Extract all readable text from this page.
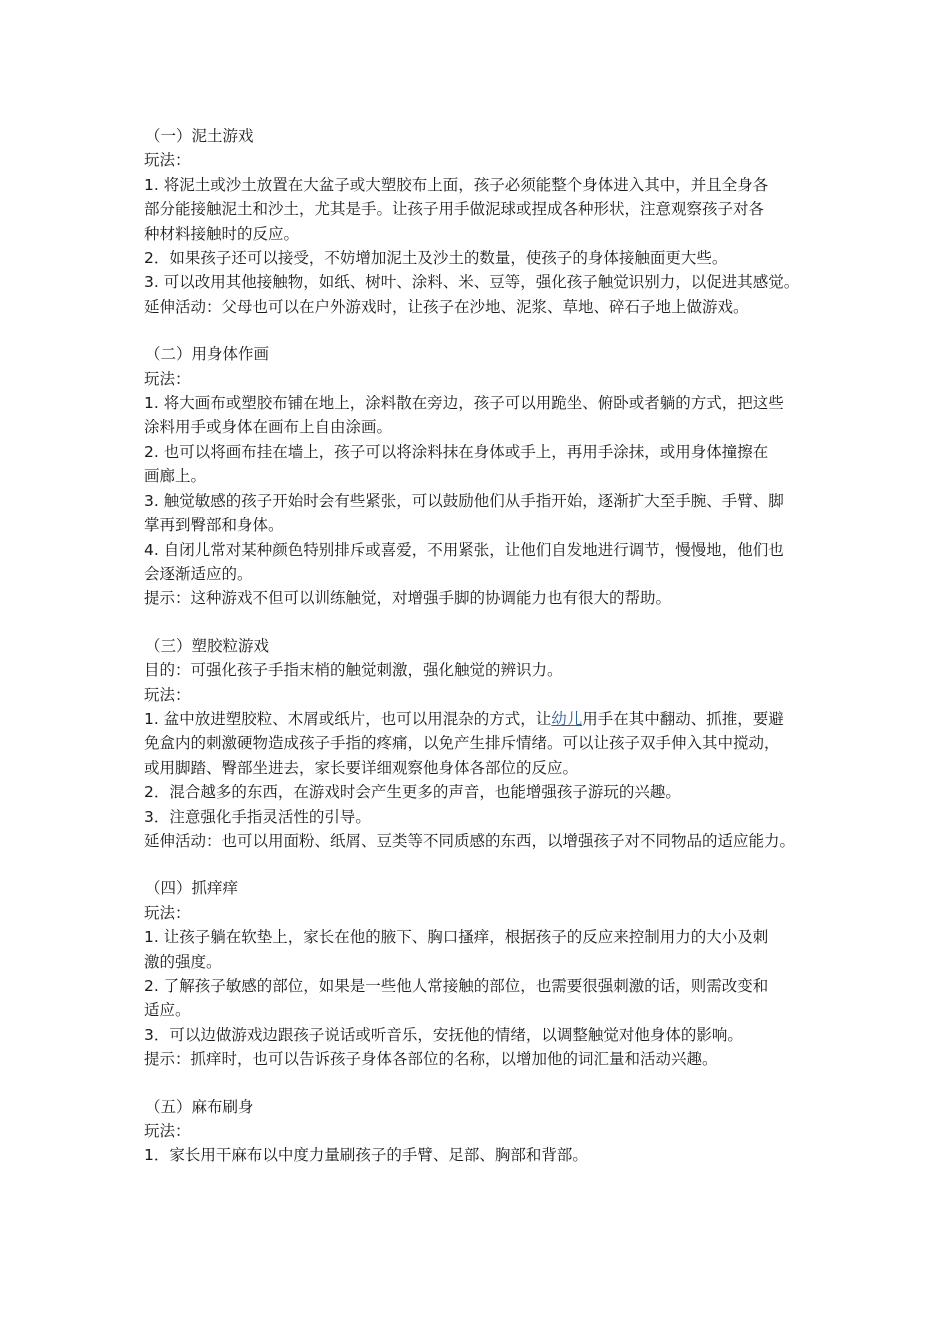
（一）泥土游戏
玩法：
1. 将泥土或沙土放置在大盆子或大塑胶布上面，孩子必须能整个身体进入其中，并且全身各
部分能接触泥土和沙土，尤其是手。让孩子用手做泥球或捏成各种形状，注意观察孩子对各
种材料接触时的反应。
2．如果孩子还可以接受，不妨增加泥土及沙土的数量，使孩子的身体接触面更大些。
3. 可以改用其他接触物，如纸、树叶、涂料、米、豆等，强化孩子触觉识别力，以促进其感觉。
延伸活动：父母也可以在户外游戏时，让孩子在沙地、泥浆、草地、碎石子地上做游戏。
（二）用身体作画
玩法：
1. 将大画布或塑胶布铺在地上，涂料散在旁边，孩子可以用跪坐、俯卧或者躺的方式，把这些
涂料用手或身体在画布上自由涂画。
2. 也可以将画布挂在墙上，孩子可以将涂料抹在身体或手上，再用手涂抹，或用身体撞擦在
画廊上。
3. 触觉敏感的孩子开始时会有些紧张，可以鼓励他们从手指开始，逐渐扩大至手腕、手臂、脚
掌再到臀部和身体。
4. 自闭儿常对某种颜色特别排斥或喜爱，不用紧张，让他们自发地进行调节，慢慢地，他们也
会逐渐适应的。
提示：这种游戏不但可以训练触觉，对增强手脚的协调能力也有很大的帮助。
（三）塑胶粒游戏
目的：可强化孩子手指末梢的触觉刺激，强化触觉的辨识力。
玩法：
1. 盆中放进塑胶粒、木屑或纸片，也可以用混杂的方式，让幼儿用手在其中翻动、抓推，要避
免盒内的刺激硬物造成孩子手指的疼痛，以免产生排斥情绪。可以让孩子双手伸入其中搅动，
或用脚踏、臀部坐进去，家长要详细观察他身体各部位的反应。
2．混合越多的东西，在游戏时会产生更多的声音，也能增强孩子游玩的兴趣。
3．注意强化手指灵活性的引导。
延伸活动：也可以用面粉、纸屑、豆类等不同质感的东西，以增强孩子对不同物品的适应能力。
（四）抓痒痒
玩法：
1. 让孩子躺在软垫上，家长在他的腋下、胸口搔痒，根据孩子的反应来控制用力的大小及刺
激的强度。
2. 了解孩子敏感的部位，如果是一些他人常接触的部位，也需要很强刺激的话，则需改变和
适应。
3．可以边做游戏边跟孩子说话或听音乐，安抚他的情绪，以调整触觉对他身体的影响。
提示：抓痒时，也可以告诉孩子身体各部位的名称，以增加他的词汇量和活动兴趣。
（五）麻布刷身
玩法：
1．家长用干麻布以中度力量刷孩子的手臂、足部、胸部和背部。
